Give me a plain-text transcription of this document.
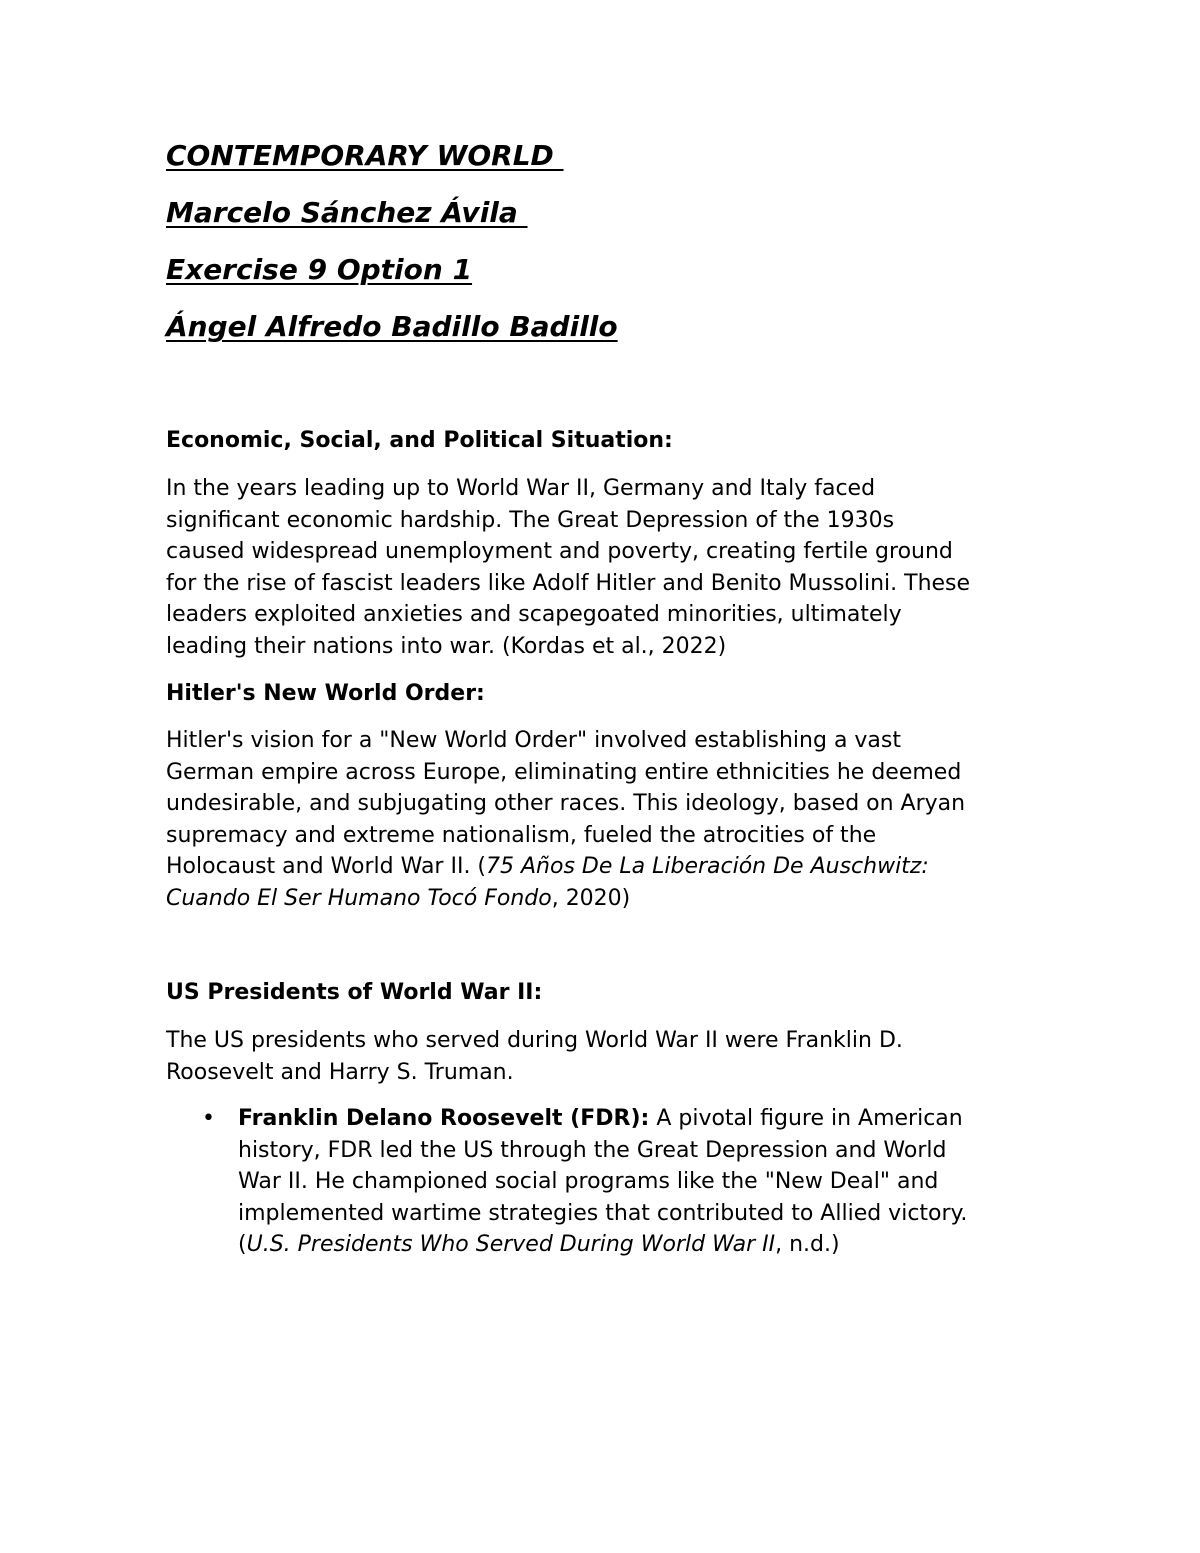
CONTEMPORARY WORLD
Marcelo Sánchez Ávila
Exercise 9 Option 1
Ángel Alfredo Badillo Badillo
Economic, Social, and Political Situation:

In the years leading up to World War II, Germany and Italy faced
significant economic hardship. The Great Depression of the 1930s
caused widespread unemployment and poverty, creating fertile ground
for the rise of fascist leaders like Adolf Hitler and Benito Mussolini. These
leaders exploited anxieties and scapegoated minorities, ultimately
leading their nations into war. (Kordas et al., 2022)

Hitler's New World Order:

Hitler's vision for a "New World Order" involved establishing a vast
German empire across Europe, eliminating entire ethnicities he deemed
undesirable, and subjugating other races. This ideology, based on Aryan
supremacy and extreme nationalism, fueled the atrocities of the
Holocaust and World War II. (75 Años De La Liberación De Auschwitz:
Cuando El Ser Humano Tocó Fondo, 2020)

US Presidents of World War II:

The US presidents who served during World War II were Franklin D.
Roosevelt and Harry S. Truman.

• Franklin Delano Roosevelt (FDR): A pivotal figure in American
history, FDR led the US through the Great Depression and World
War II. He championed social programs like the "New Deal" and
implemented wartime strategies that contributed to Allied victory.
(U.S. Presidents Who Served During World War II, n.d.)
